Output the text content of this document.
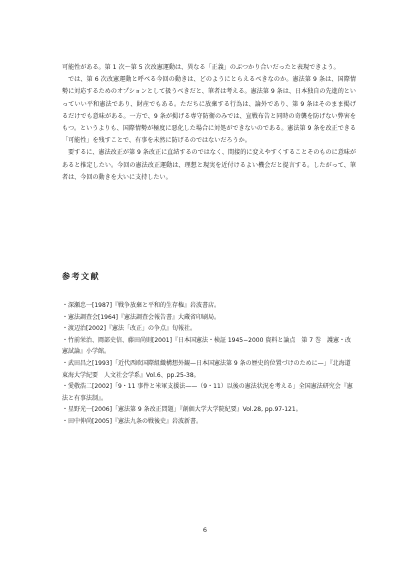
可能性がある。第 1 次～第 5 次改憲運動は、異なる「正義」のぶつかり合いだったと表現できよう。

では、第 6 次改憲運動と呼べる今回の動きは、どのようにとらえるべきなのか。憲法第 9 条は、国際情勢に対応するためのオプションとして扱うべきだと、筆者は考える。憲法第 9 条は、日本独自の先進的といっていい平和憲法であり、財産でもある。ただちに放棄する行為は、論外であり、第 9 条はそのまま掲げるだけでも意味がある。一方で、9 条が掲げる専守防衛のみでは、宣戦布告と同時の奇襲を防げない弊害をもつ。というよりも、国際情勢が極度に悪化した場合に対処ができないのである。憲法第 9 条を改正できる「可能性」を残すことで、有事を未然に防げるのではないだろうか。

要するに、憲法改正が第 9 条改正に直結するのではなく、間接的に変えやすくすることそのものに意味があると推定したい。今回の憲法改正運動は、理想と現実を近付けるよい機会だと提言する。したがって、筆者は、今回の動きを大いに支持したい。

参考文献
・深瀬忠一[1987]『戦争放棄と平和的生存権』岩波書店。
・憲法調査会[1964]『憲法調査会報告書』大蔵省印刷局。
・渡辺治[2002]『憲法「改正」の争点』旬報社。
・竹前栄治、岡部史信、藤田尚則[2001]『日本国憲法・検証 1945−2000 資料と論点　第 7 巻　護憲・改憲試論』小学館。
・武田昌之[1993]「近代西欧国際組織構想外観—日本国憲法第 9 条の歴史的位置づけのために—」『北海道東海大学紀要　人文社会学系』Vol.6、pp.25-38。
・愛敬浩二[2002]「9・11 事件と米軍支援法——（9・11）以後の憲法状況を考える」全国憲法研究会『憲法と有事法制』。
・星野光一[2006]「憲法第 9 条改正問題」『創価大学大学院紀要』Vol.28, pp.97-121。
・田中伸尚[2005]『憲法九条の戦後史』岩波新書。
6
